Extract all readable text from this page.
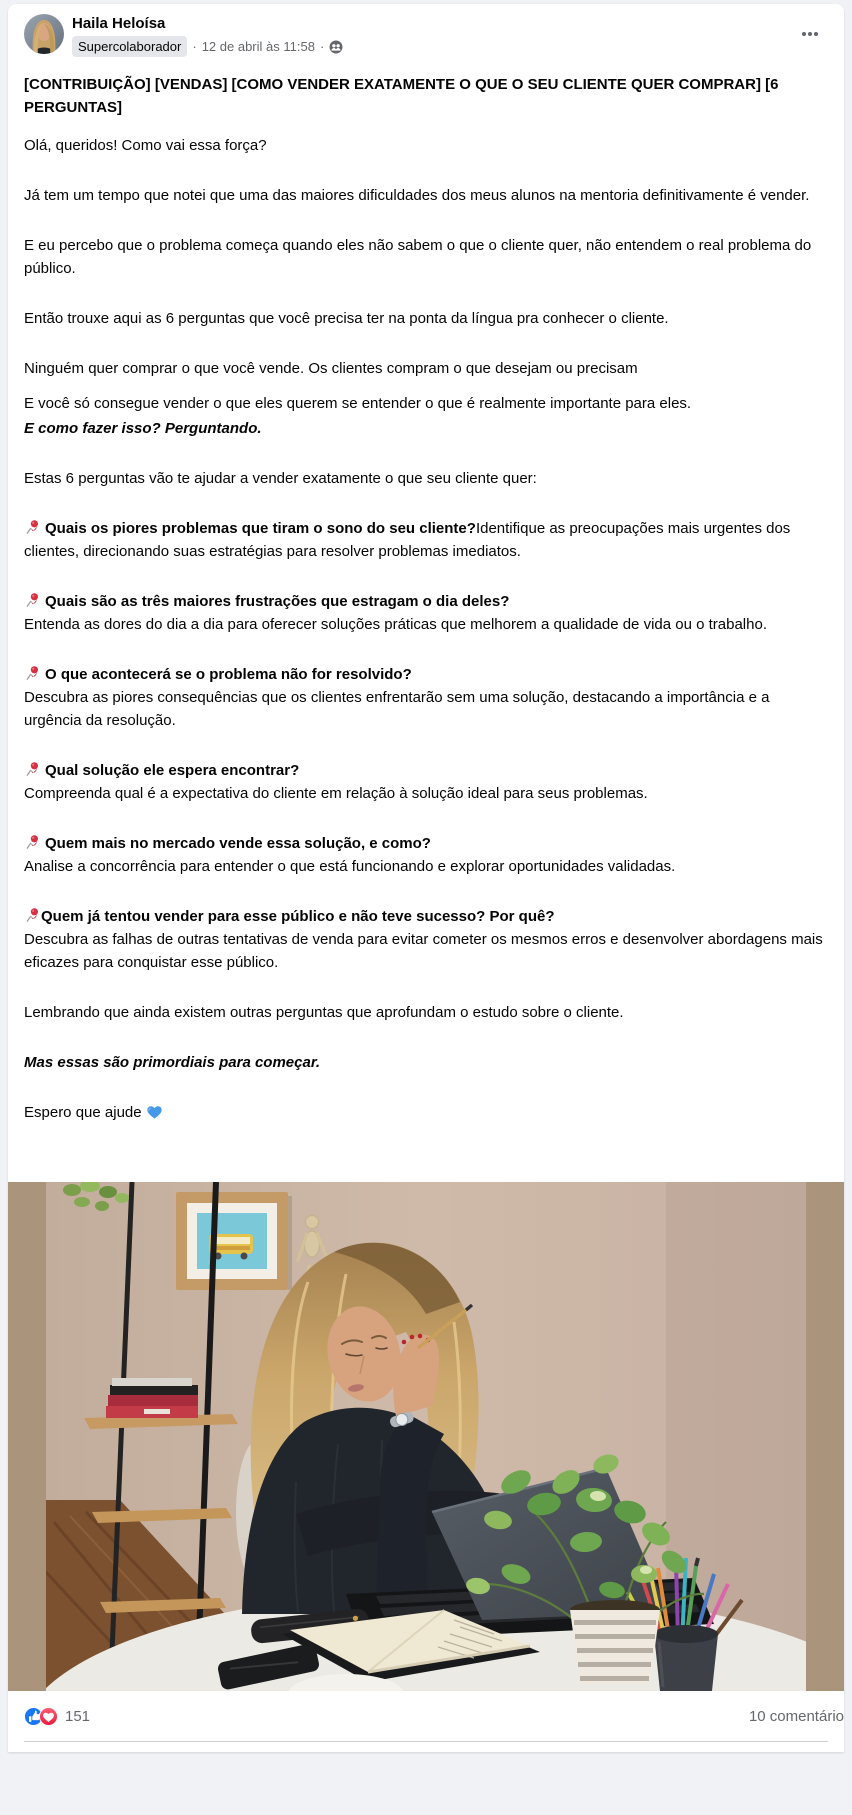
Haila Heloísa
Supercolaborador · 12 de abril às 11:58 ·
[CONTRIBUIÇÃO] [VENDAS] [COMO VENDER EXATAMENTE O QUE O SEU CLIENTE QUER COMPRAR] [6 PERGUNTAS]

Olá, queridos! Como vai essa força?

Já tem um tempo que notei que uma das maiores dificuldades dos meus alunos na mentoria definitivamente é vender.

E eu percebo que o problema começa quando eles não sabem o que o cliente quer, não entendem o real problema do público.

Então trouxe aqui as 6 perguntas que você precisa ter na ponta da língua pra conhecer o cliente.

Ninguém quer comprar o que você vende. Os clientes compram o que desejam ou precisam

E você só consegue vender o que eles querem se entender o que é realmente importante para eles.

E como fazer isso? Perguntando.

Estas 6 perguntas vão te ajudar a vender exatamente o que seu cliente quer:

Quais os piores problemas que tiram o sono do seu cliente?Identifique as preocupações mais urgentes dos clientes, direcionando suas estratégias para resolver problemas imediatos.
Quais são as três maiores frustrações que estragam o dia deles?
Entenda as dores do dia a dia para oferecer soluções práticas que melhorem a qualidade de vida ou o trabalho.
O que acontecerá se o problema não for resolvido?
Descubra as piores consequências que os clientes enfrentarão sem uma solução, destacando a importância e a urgência da resolução.
Qual solução ele espera encontrar?
Compreenda qual é a expectativa do cliente em relação à solução ideal para seus problemas.
Quem mais no mercado vende essa solução, e como?
Analise a concorrência para entender o que está funcionando e explorar oportunidades validadas.
Quem já tentou vender para esse público e não teve sucesso? Por quê?
Descubra as falhas de outras tentativas de venda para evitar cometer os mesmos erros e desenvolver abordagens mais eficazes para conquistar esse público.

Lembrando que ainda existem outras perguntas que aprofundam o estudo sobre o cliente.

Mas essas são primordiais para começar.

Espero que ajude

151	10 comentário
